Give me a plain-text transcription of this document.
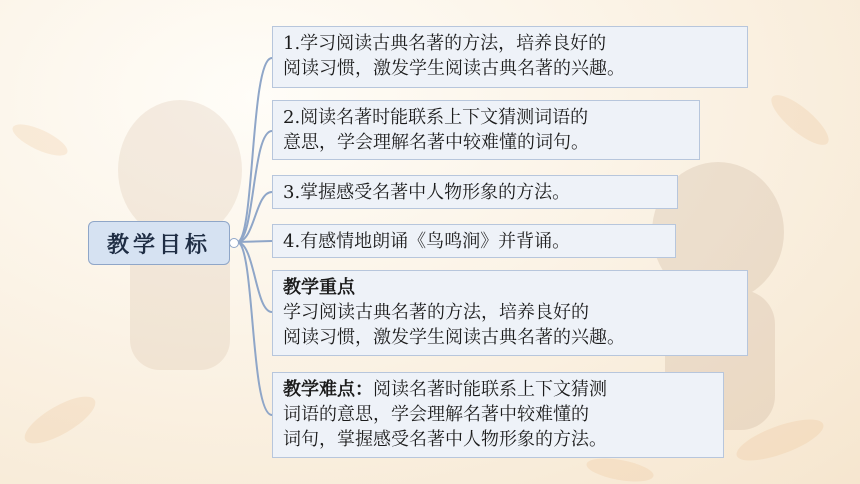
教学目标
1.学习阅读古典名著的方法，培养良好的
阅读习惯，激发学生阅读古典名著的兴趣。
2.阅读名著时能联系上下文猜测词语的
意思，学会理解名著中较难懂的词句。
3.掌握感受名著中人物形象的方法。
4.有感情地朗诵《鸟鸣涧》并背诵。
教学重点
学习阅读古典名著的方法，培养良好的
阅读习惯，激发学生阅读古典名著的兴趣。
教学难点：阅读名著时能联系上下文猜测
词语的意思，学会理解名著中较难懂的
词句，掌握感受名著中人物形象的方法。
